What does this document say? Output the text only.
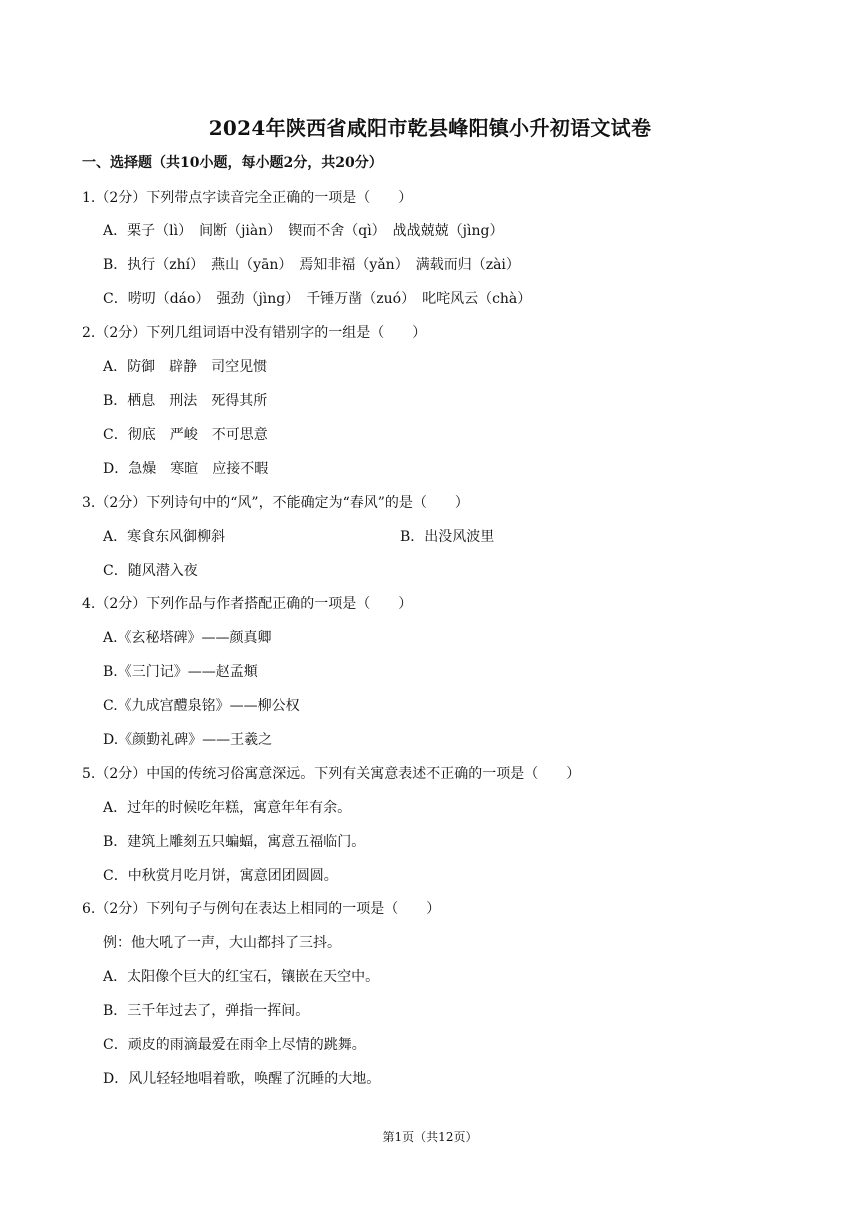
2024年陕西省咸阳市乾县峰阳镇小升初语文试卷
一、选择题（共10小题，每小题2分，共20分）
1.（2分）下列带点字读音完全正确的一项是（　　）
A．栗子（lì）　间断（jiàn）　锲而不舍（qì）　战战兢兢（jìng）
B．执行（zhí）　燕山（yān）　焉知非福（yǎn）　满载而归（zài）
C．唠叨（dáo）　强劲（jìng）　千锤万凿（zuó）　叱咤风云（chà）
2.（2分）下列几组词语中没有错别字的一组是（　　）
A．防御　辟静　司空见惯
B．栖息　刑法　死得其所
C．彻底　严峻　不可思意
D．急燥　寒暄　应接不暇
3.（2分）下列诗句中的“风”，不能确定为“春风”的是（　　）
A．寒食东风御柳斜	B．出没风波里
C．随风潜入夜
4.（2分）下列作品与作者搭配正确的一项是（　　）
A.《玄秘塔碑》——颜真卿
B.《三门记》——赵孟頫
C.《九成宫醴泉铭》——柳公权
D.《颜勤礼碑》——王羲之
5.（2分）中国的传统习俗寓意深远。下列有关寓意表述不正确的一项是（　　）
A．过年的时候吃年糕，寓意年年有余。
B．建筑上雕刻五只蝙蝠，寓意五福临门。
C．中秋赏月吃月饼，寓意团团圆圆。
6.（2分）下列句子与例句在表达上相同的一项是（　　）
例：他大吼了一声，大山都抖了三抖。
A．太阳像个巨大的红宝石，镶嵌在天空中。
B．三千年过去了，弹指一挥间。
C．顽皮的雨滴最爱在雨伞上尽情的跳舞。
D．风儿轻轻地唱着歌，唤醒了沉睡的大地。
第1页（共12页）
